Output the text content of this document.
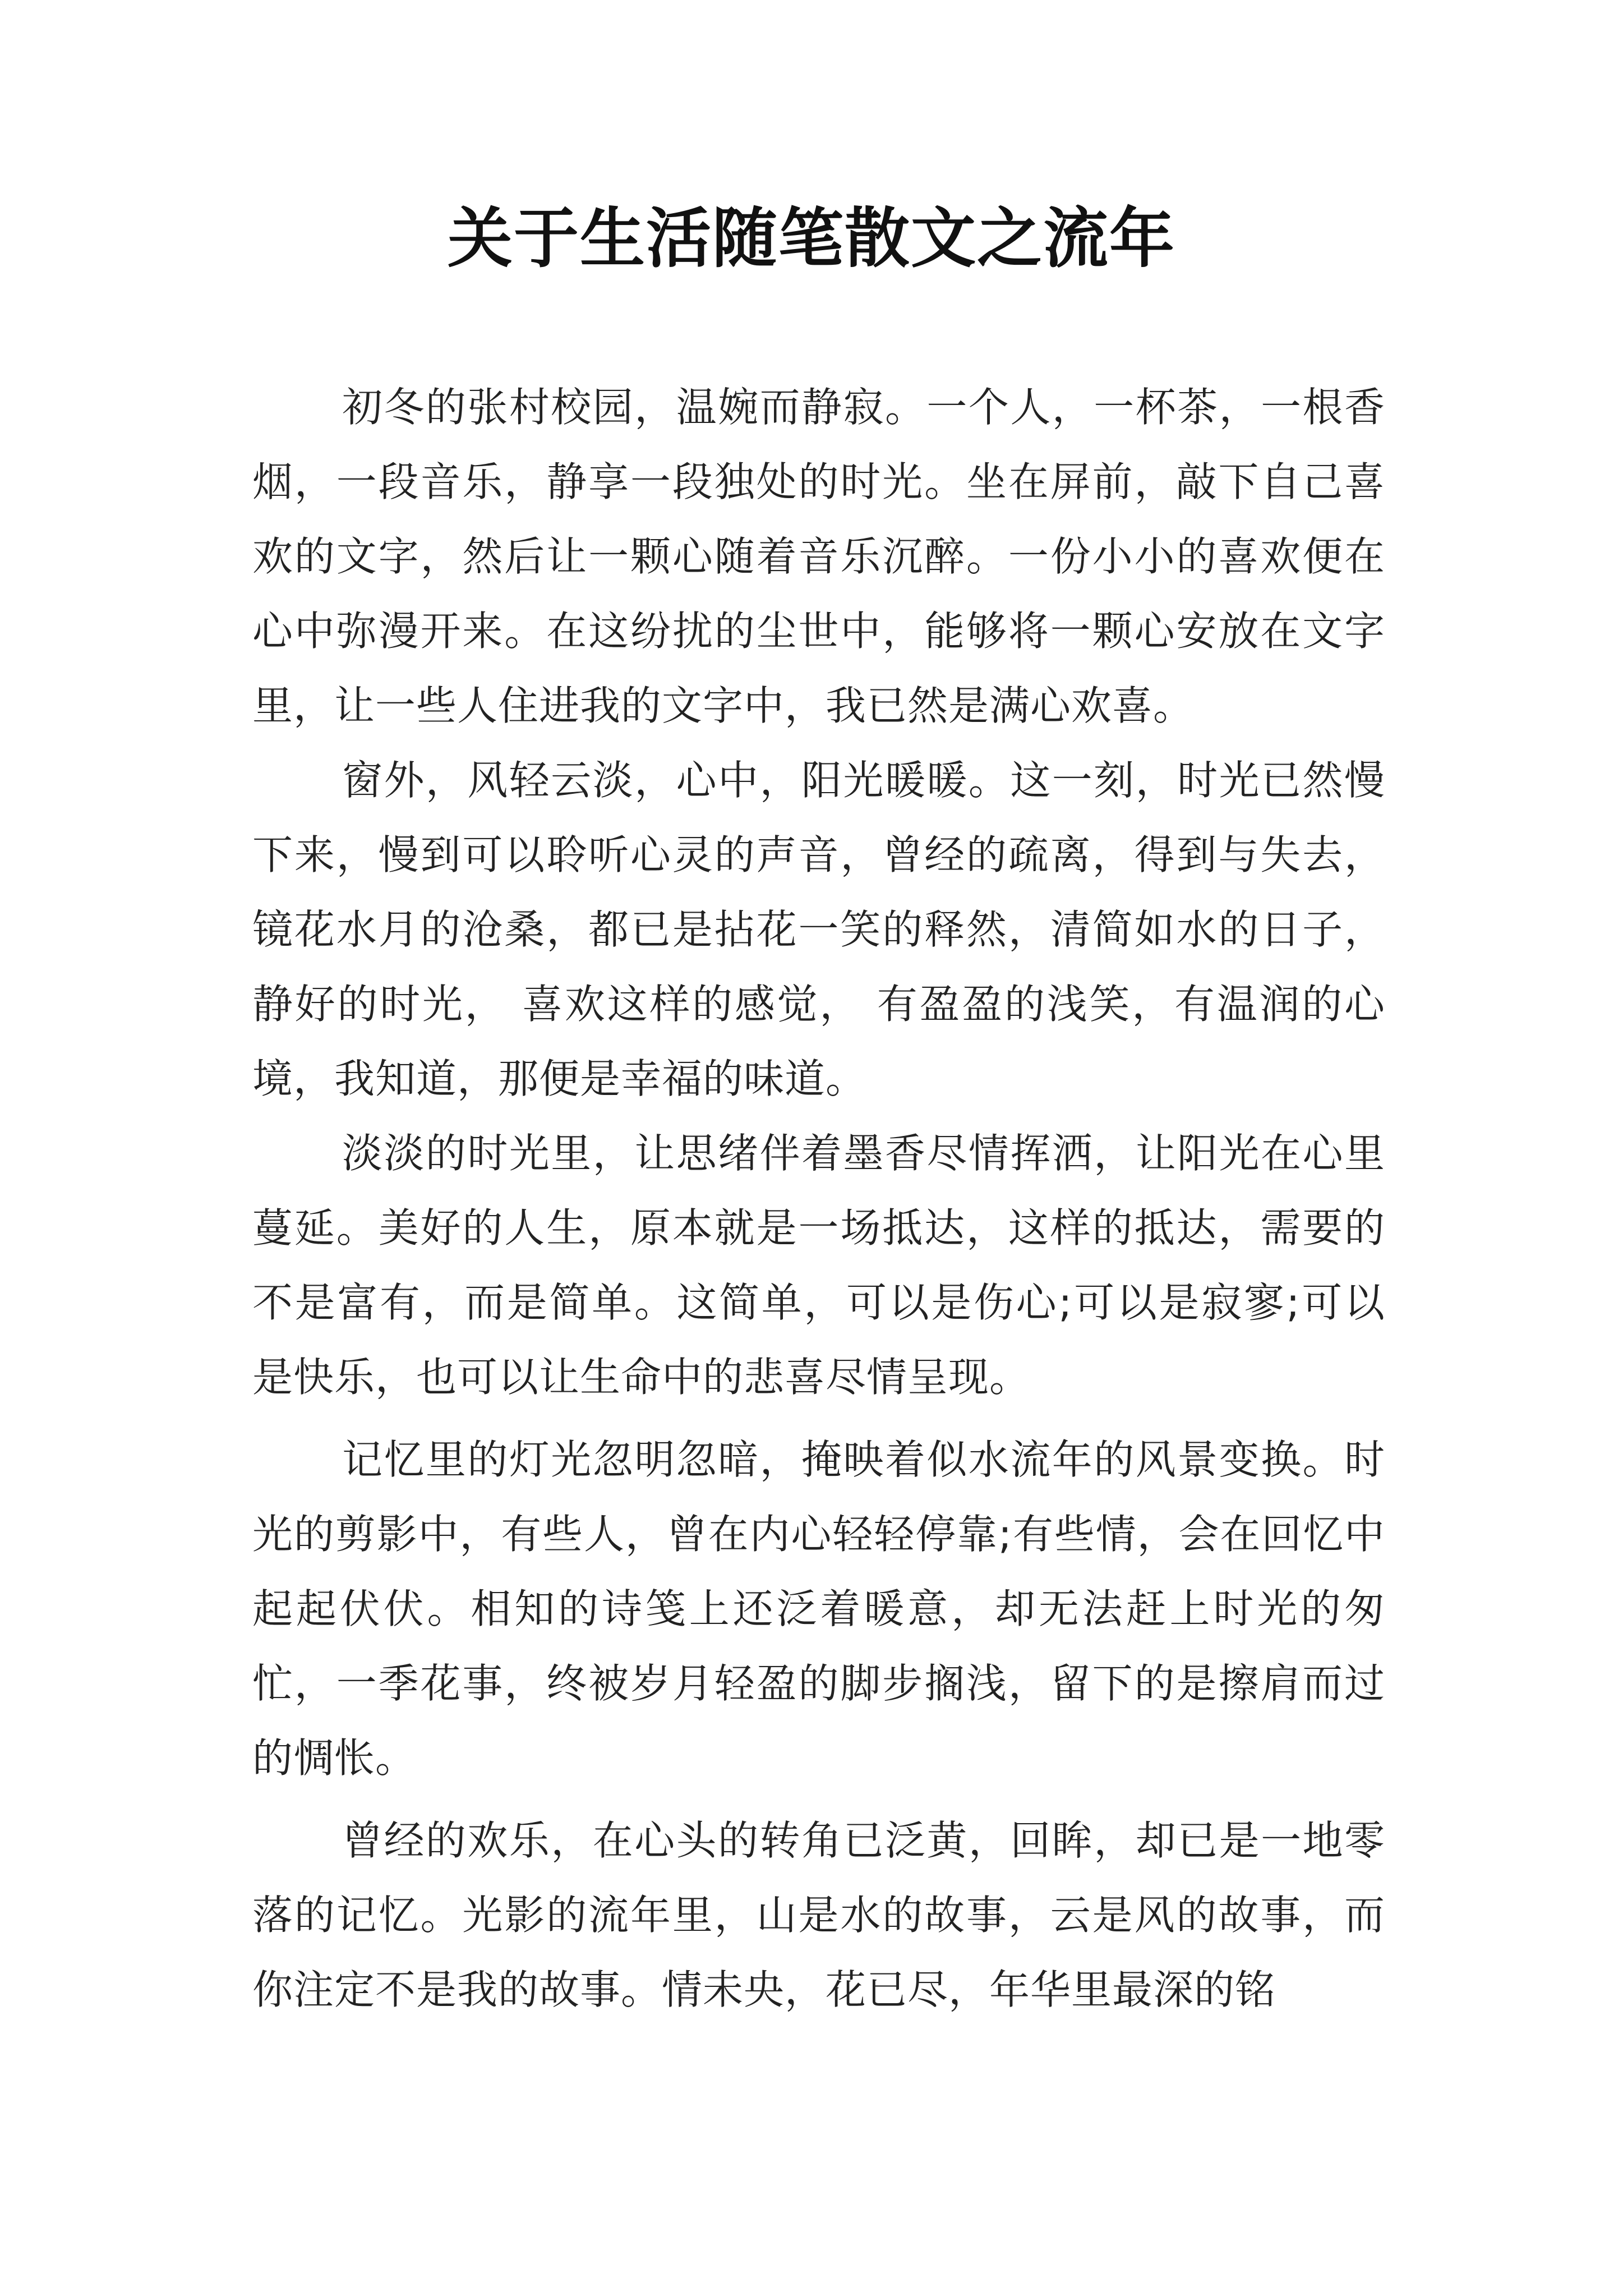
关于生活随笔散文之流年

初冬的张村校园，温婉而静寂。一个人，一杯茶，一根香烟，一段音乐，静享一段独处的时光。坐在屏前，敲下自己喜欢的文字，然后让一颗心随着音乐沉醉。一份小小的喜欢便在心中弥漫开来。在这纷扰的尘世中，能够将一颗心安放在文字里，让一些人住进我的文字中，我已然是满心欢喜。

窗外，风轻云淡，心中，阳光暖暖。这一刻，时光已然慢下来，慢到可以聆听心灵的声音，曾经的疏离，得到与失去，镜花水月的沧桑，都已是拈花一笑的释然，清简如水的日子，静好的时光， 喜欢这样的感觉， 有盈盈的浅笑，有温润的心境，我知道，那便是幸福的味道。

淡淡的时光里，让思绪伴着墨香尽情挥洒，让阳光在心里蔓延。美好的人生，原本就是一场抵达，这样的抵达，需要的不是富有，而是简单。这简单，可以是伤心;可以是寂寥;可以是快乐，也可以让生命中的悲喜尽情呈现。

记忆里的灯光忽明忽暗，掩映着似水流年的风景变换。时光的剪影中，有些人，曾在内心轻轻停靠;有些情，会在回忆中起起伏伏。相知的诗笺上还泛着暖意，却无法赶上时光的匆忙，一季花事，终被岁月轻盈的脚步搁浅，留下的是擦肩而过的惆怅。

曾经的欢乐，在心头的转角已泛黄，回眸，却已是一地零落的记忆。光影的流年里，山是水的故事，云是风的故事，而你注定不是我的故事。情未央，花已尽，年华里最深的铭
